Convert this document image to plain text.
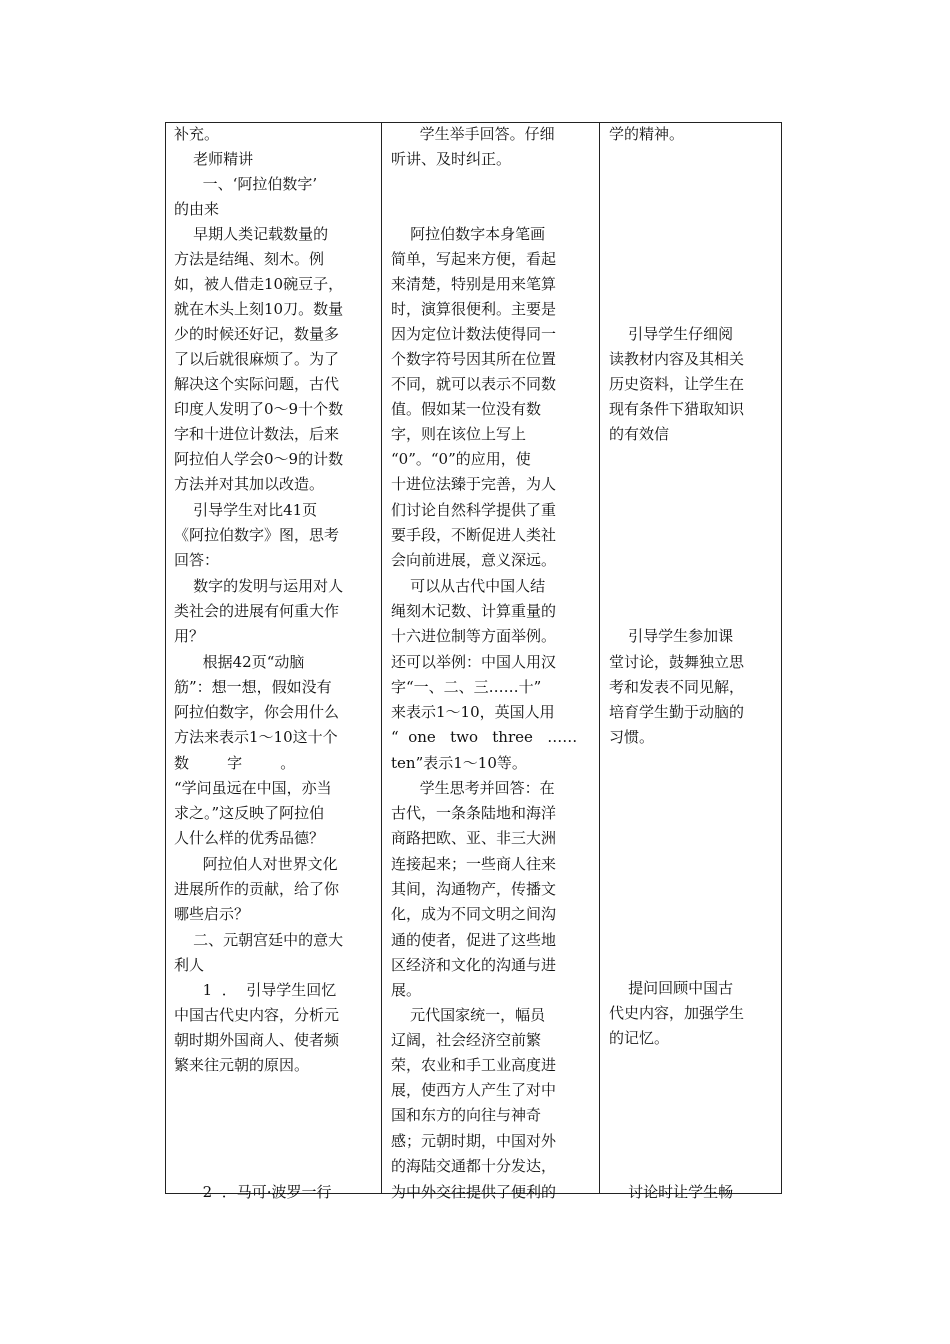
补充。
老师精讲
一、‘阿拉伯数字’
的由来
早期人类记载数量的
方法是结绳、刻木。例
如，被人借走10碗豆子，
就在木头上刻10刀。数量
少的时候还好记，数量多
了以后就很麻烦了。为了
解决这个实际问题，古代
印度人发明了0～9十个数
字和十进位计数法，后来
阿拉伯人学会0～9的计数
方法并对其加以改造。
引导学生对比41页
《阿拉伯数字》图，思考
回答：
数字的发明与运用对人
类社会的进展有何重大作
用？
根据42页“动脑
筋”：想一想，假如没有
阿拉伯数字，你会用什么
方法来表示1～10这十个
数        字        。
“学问虽远在中国，亦当
求之。”这反映了阿拉伯
人什么样的优秀品德？
阿拉伯人对世界文化
进展所作的贡献，给了你
哪些启示？
二、元朝宫廷中的意大
利人
1  ．  引导学生回忆
中国古代史内容，分析元
朝时期外国商人、使者频
繁来往元朝的原因。
2  ．马可·波罗一行
学生举手回答。仔细
听讲、及时纠正。
阿拉伯数字本身笔画
简单，写起来方便，看起
来清楚，特别是用来笔算
时，演算很便利。主要是
因为定位计数法使得同一
个数字符号因其所在位置
不同，就可以表示不同数
值。假如某一位没有数
字，则在该位上写上
“0”。“0”的应用，使
十进位法臻于完善，为人
们讨论自然科学提供了重
要手段，不断促进人类社
会向前进展，意义深远。
可以从古代中国人结
绳刻木记数、计算重量的
十六进位制等方面举例。
还可以举例：中国人用汉
字“一、二、三……十”
来表示1～10，英国人用
“  one   two   three   ……
ten”表示1～10等。
学生思考并回答：在
古代，一条条陆地和海洋
商路把欧、亚、非三大洲
连接起来；一些商人往来
其间，沟通物产，传播文
化，成为不同文明之间沟
通的使者，促进了这些地
区经济和文化的沟通与进
展。
元代国家统一，幅员
辽阔，社会经济空前繁
荣，农业和手工业高度进
展，使西方人产生了对中
国和东方的向往与神奇
感；元朝时期，中国对外
的海陆交通都十分发达，
为中外交往提供了便利的
学的精神。
引导学生仔细阅
读教材内容及其相关
历史资料，让学生在
现有条件下猎取知识
的有效信
引导学生参加课
堂讨论，鼓舞独立思
考和发表不同见解，
培育学生勤于动脑的
习惯。
提问回顾中国古
代史内容，加强学生
的记忆。
讨论时让学生畅
